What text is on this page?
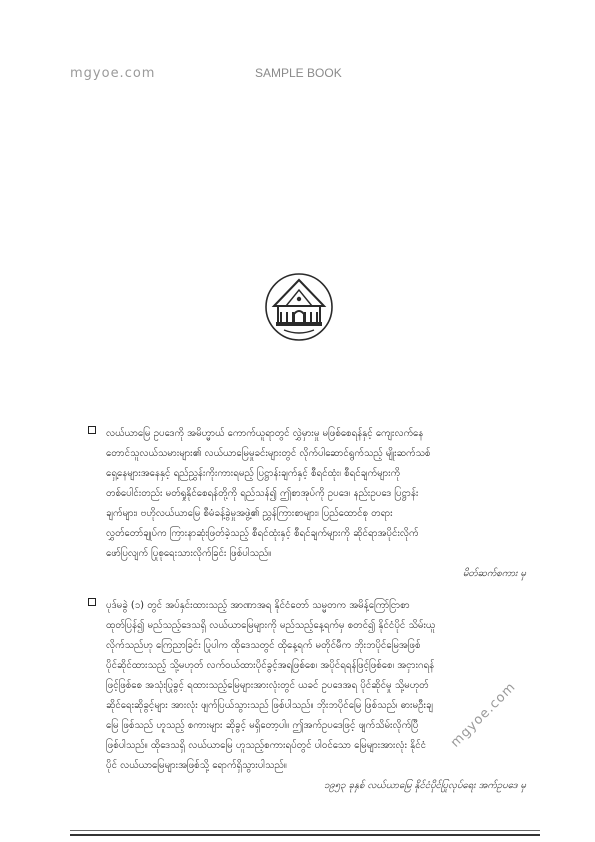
mgyoe.com	SAMPLE BOOK
လယ်ယာမြေ ဥပဒေကို အမိဟ္မာယ် ကောက်ယူရာတွင် လွှဲမှားမှု မဖြစ်စေရန်နှင့် ကျေးလက်နေ
တောင်သူလယ်သမားများ၏ လယ်ယာမြေမှုခင်းများတွင် လိုက်ပါဆောင်ရွက်သည့် မျိုးဆက်သစ်
ရှေ့နေများအနေနှင့် ရည်ညွှန်းကိုးကားရမည့် ပြဋ္ဌာန်းချက်နှင့် စီရင်ထုံး၊ စီရင်ချက်များကို
တစ်ပေါင်းတည်း မတ်ရှုနိုင်စေရန်တို့ကို ရည်သန်၍ ဤစာအုပ်ကို ဥပဒေ၊ နည်းဥပဒေ ပြဋ္ဌာန်း
ချက်များ၊ ဗဟိုလယ်ယာမြေ စီမံခန့်ခွဲမှုအဖွဲ့၏ ညွှန်ကြားစာများ၊ ပြည်ထောင်စု တရား
လွှတ်တော်ချုပ်က ကြားနာဆုံးဖြတ်ခဲ့သည့် စီရင်ထုံးနှင့် စီရင်ချက်များကို ဆိုင်ရာအပိုင်းလိုက်
ဖော်ပြလျက် ပြုစုရေးသားလိုက်ခြင်း ဖြစ်ပါသည်။
မိတ်ဆက်စကား မှ
ပုဒ်မခွဲ (၁) တွင် အပ်နှင်းထားသည့် အာဏာအရ နိုင်ငံတော် သမ္မတက အမိန့်ကြော်ငြာစာ
ထုတ်ပြန်၍ မည်သည့်ဒေသရှိ လယ်ယာမြေများကို မည်သည့်နေ့ရက်မှ စတင်၍ နိုင်ငံပိုင် သိမ်းယူ
လိုက်သည်ဟု ကြေညာခြင်း ပြုပါက ထိုဒေသတွင် ထိုနေ့ရက် မတိုင်မီက ဘိုးဘပိုင်မြေအဖြစ်
ပိုင်ဆိုင်ထားသည့် သို့မဟုတ် လက်ဝယ်ထားပိုင်ခွင့်အရဖြစ်စေ၊ အပိုင်ရရန်ဖြင့်ဖြစ်စေ၊ အငှားဂရန်
ဖြင့်ဖြစ်စေ အသုံးပြုခွင့် ရထားသည့်မြေများအားလုံးတွင် ယခင် ဥပဒေအရ ပိုင်ဆိုင်မှု သို့မဟုတ်
ဆိုင်ရေးဆိုခွင့်များ အားလုံး ဖျက်ပြယ်သွားသည် ဖြစ်ပါသည်။ ဘိုးဘပိုင်မြေ ဖြစ်သည်၊ ဓားမဦးချ
မြေ ဖြစ်သည် ဟူသည့် စကားများ ဆိုခွင့် မရှိတော့ပါ။ ဤအက်ဥပဒေဖြင့် ဖျက်သိမ်းလိုက်ပြီ
ဖြစ်ပါသည်။ ထိုဒေသရှိ လယ်ယာမြေ ဟူသည့်စကားရပ်တွင် ပါဝင်သော မြေများအားလုံး နိုင်ငံ
ပိုင် လယ်ယာမြေများအဖြစ်သို့ ရောက်ရှိသွားပါသည်။
၁၉၅၃ ခုနှစ် လယ်ယာမြေ နိုင်ငံပိုင်ပြုလုပ်ရေး အက်ဥပဒေ မှ
mgyoe.com
